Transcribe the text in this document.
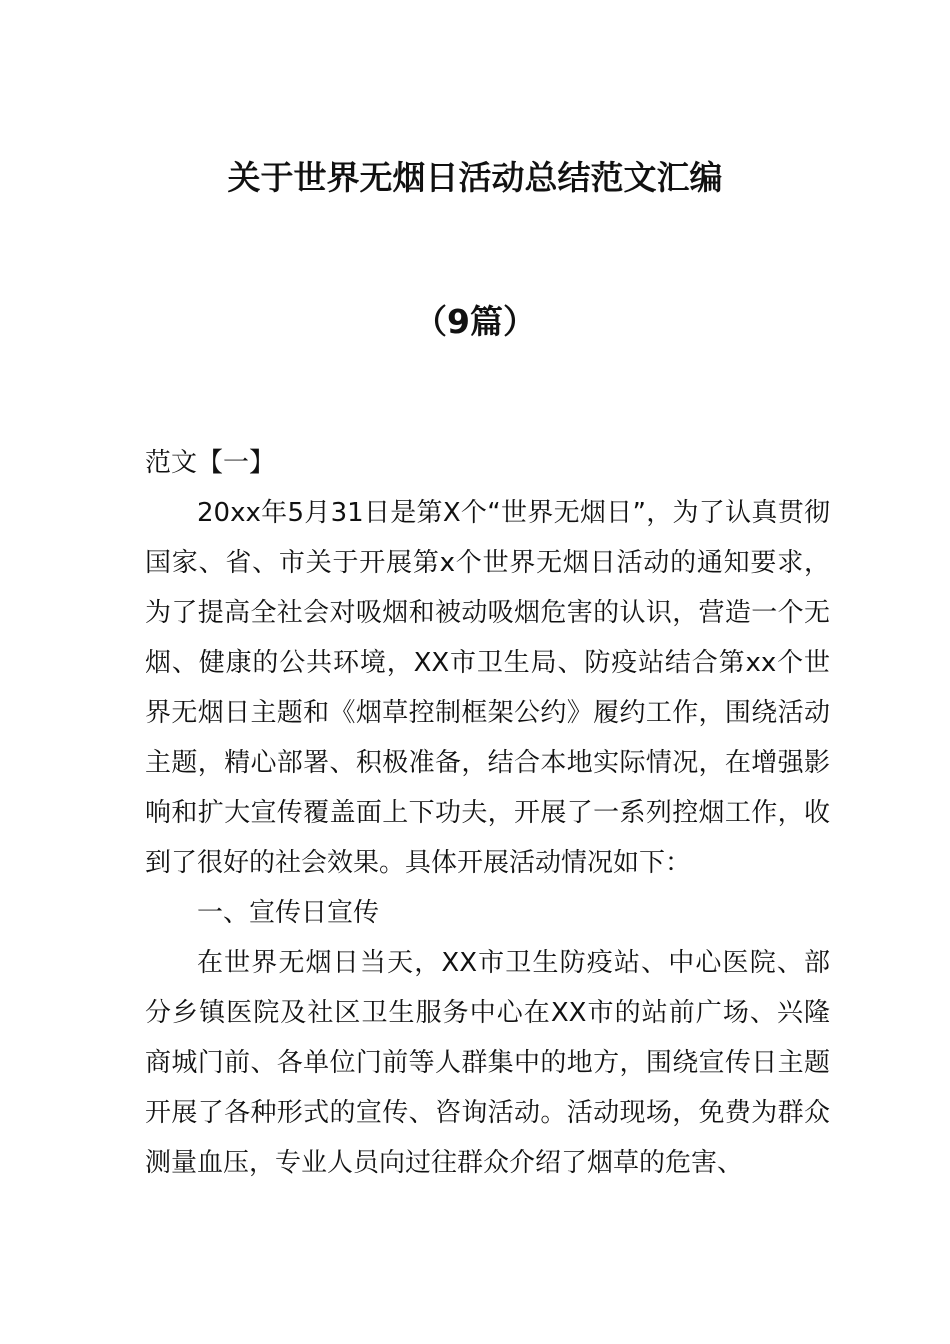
关于世界无烟日活动总结范文汇编
（9篇）

范文【一】

20xx年5月31日是第X个“世界无烟日”，为了认真贯彻国家、省、市关于开展第x个世界无烟日活动的通知要求，为了提高全社会对吸烟和被动吸烟危害的认识，营造一个无烟、健康的公共环境，XX市卫生局、防疫站结合第xx个世界无烟日主题和《烟草控制框架公约》履约工作，围绕活动主题，精心部署、积极准备，结合本地实际情况，在增强影响和扩大宣传覆盖面上下功夫，开展了一系列控烟工作，收到了很好的社会效果。具体开展活动情况如下：

一、宣传日宣传

在世界无烟日当天，XX市卫生防疫站、中心医院、部分乡镇医院及社区卫生服务中心在XX市的站前广场、兴隆商城门前、各单位门前等人群集中的地方，围绕宣传日主题开展了各种形式的宣传、咨询活动。活动现场，免费为群众测量血压，专业人员向过往群众介绍了烟草的危害、
